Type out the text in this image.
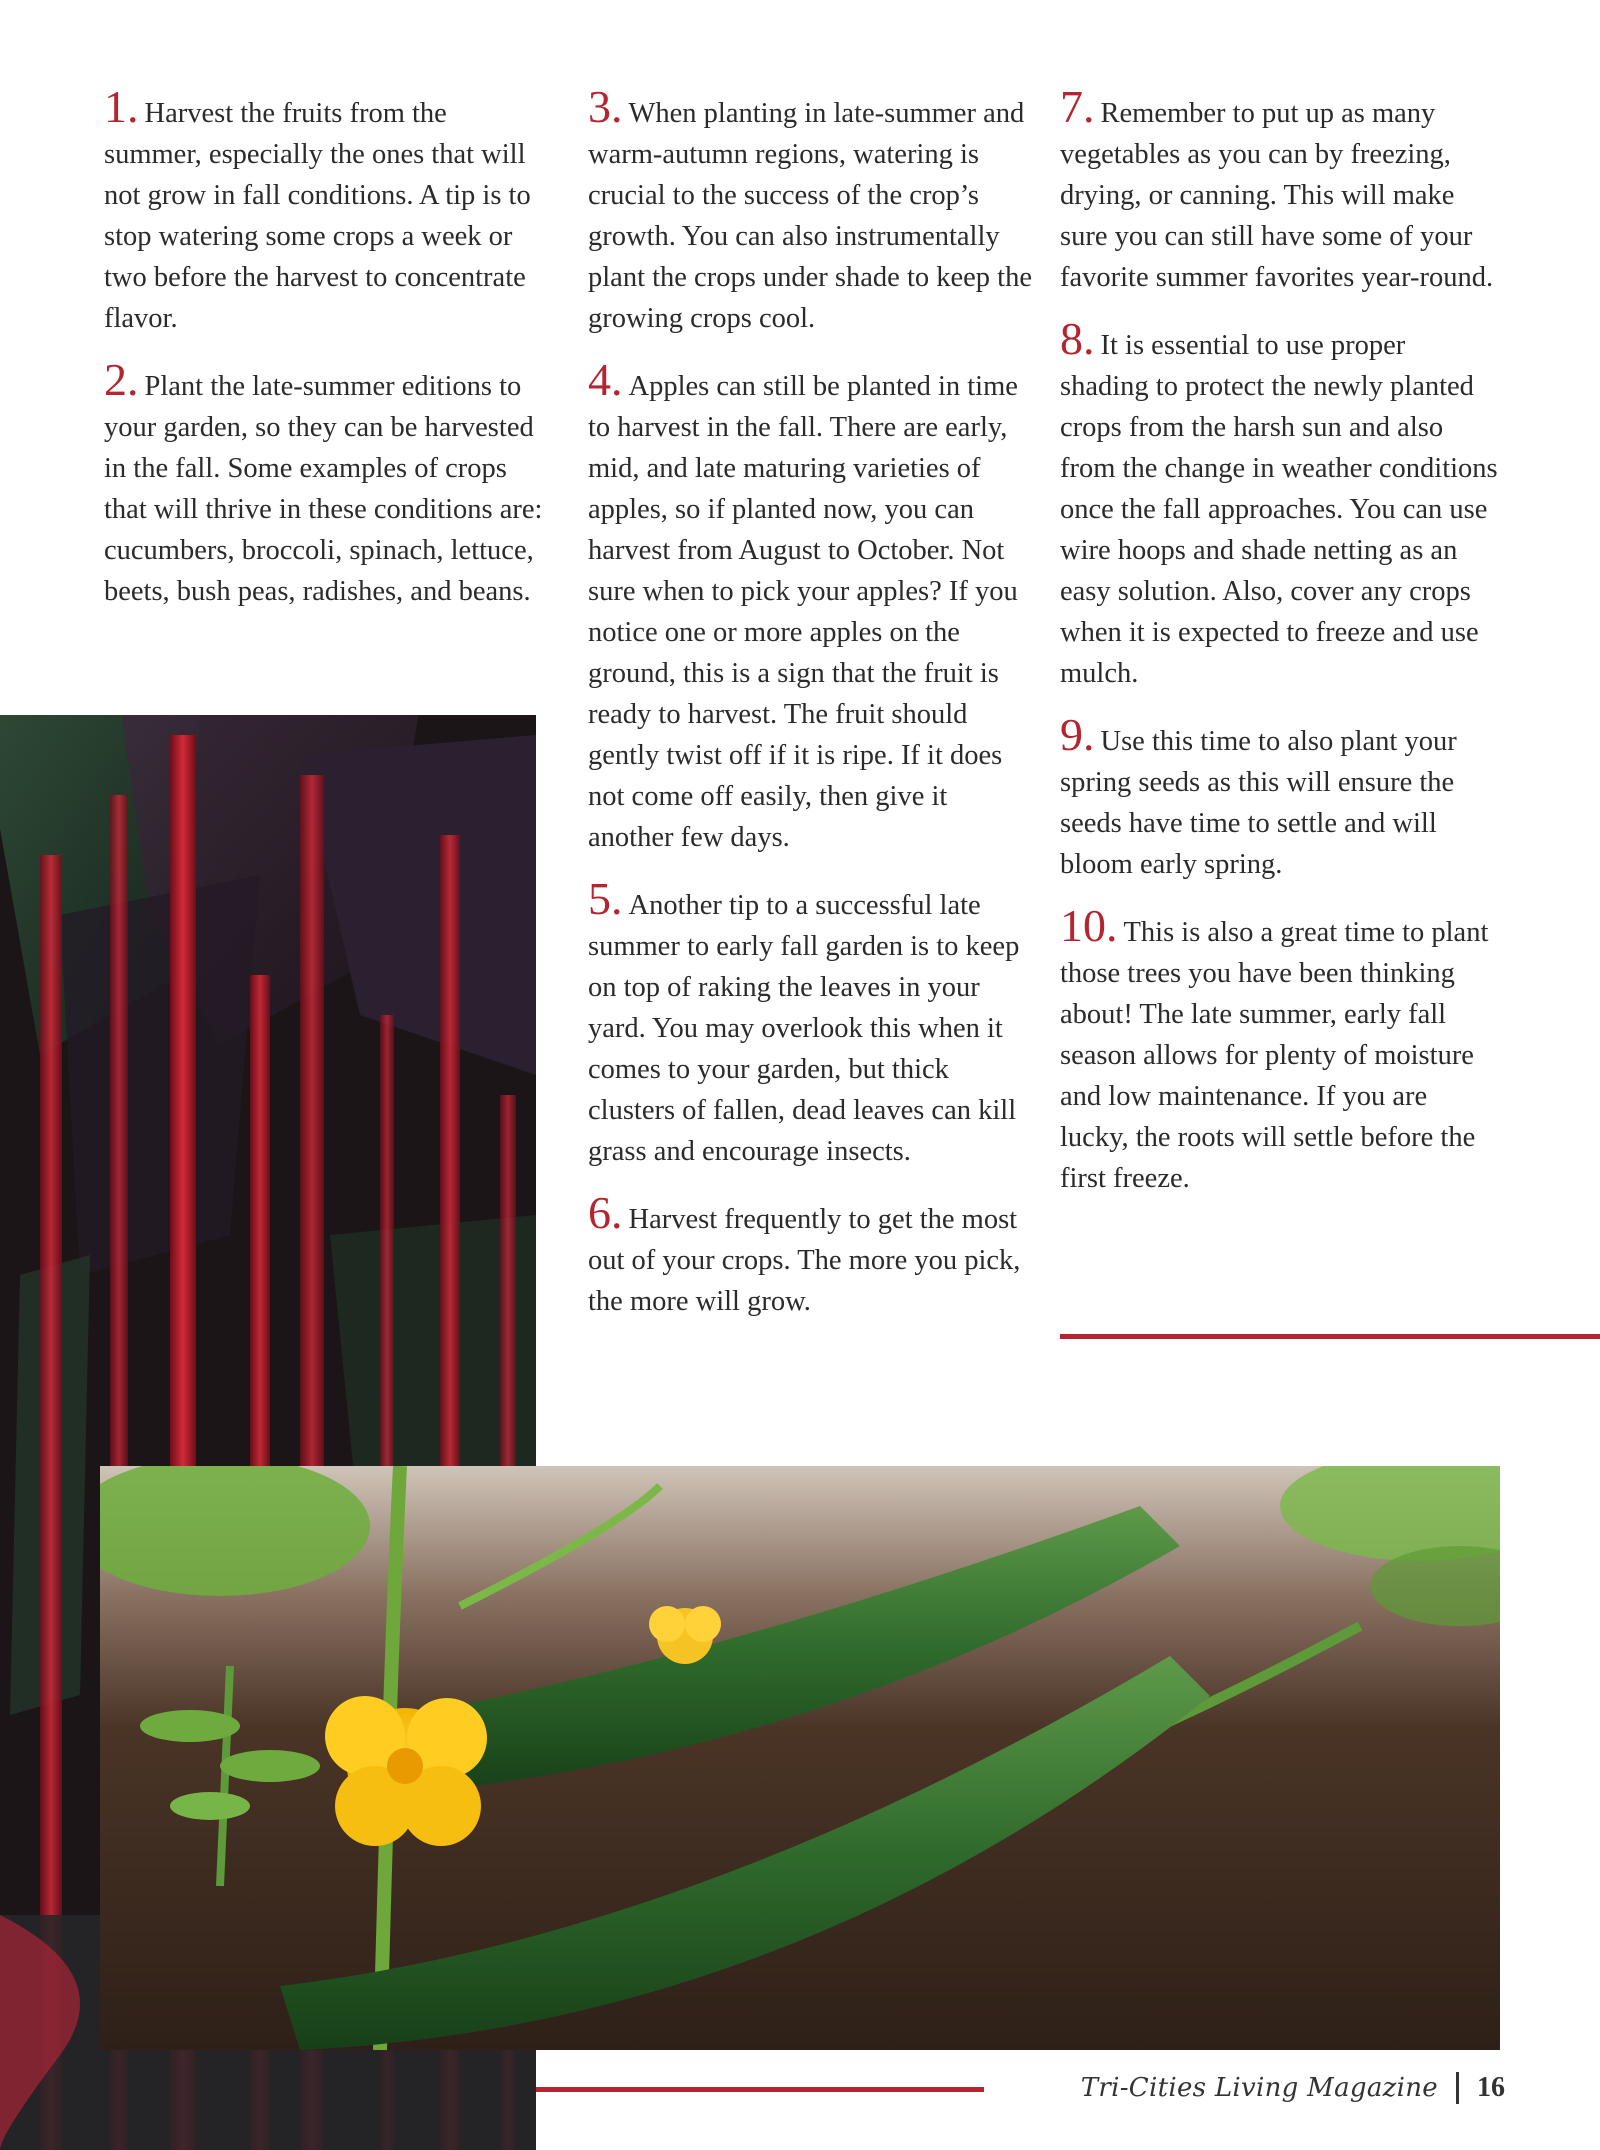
1. Harvest the fruits from the summer, especially the ones that will not grow in fall conditions. A tip is to stop watering some crops a week or two before the harvest to concentrate flavor.

2. Plant the late-summer editions to your garden, so they can be harvested in the fall. Some examples of crops that will thrive in these conditions are: cucumbers, broccoli, spinach, lettuce, beets, bush peas, radishes, and beans.

3. When planting in late-summer and warm-autumn regions, watering is crucial to the success of the crop’s growth. You can also instrumentally plant the crops under shade to keep the growing crops cool.

4. Apples can still be planted in time to harvest in the fall. There are early, mid, and late maturing varieties of apples, so if planted now, you can harvest from August to October. Not sure when to pick your apples? If you notice one or more apples on the ground, this is a sign that the fruit is ready to harvest. The fruit should gently twist off if it is ripe. If it does not come off easily, then give it another few days.

5. Another tip to a successful late summer to early fall garden is to keep on top of raking the leaves in your yard. You may overlook this when it comes to your garden, but thick clusters of fallen, dead leaves can kill grass and encourage insects.

6. Harvest frequently to get the most out of your crops. The more you pick, the more will grow.

7. Remember to put up as many vegetables as you can by freezing, drying, or canning. This will make sure you can still have some of your favorite summer favorites year-round.

8. It is essential to use proper shading to protect the newly planted crops from the harsh sun and also from the change in weather conditions once the fall approaches. You can use wire hoops and shade netting as an easy solution. Also, cover any crops when it is expected to freeze and use mulch.

9. Use this time to also plant your spring seeds as this will ensure the seeds have time to settle and will bloom early spring.

10. This is also a great time to plant those trees you have been thinking about! The late summer, early fall season allows for plenty of moisture and low maintenance. If you are lucky, the roots will settle before the first freeze.

Tri-Cities Living Magazine 16
